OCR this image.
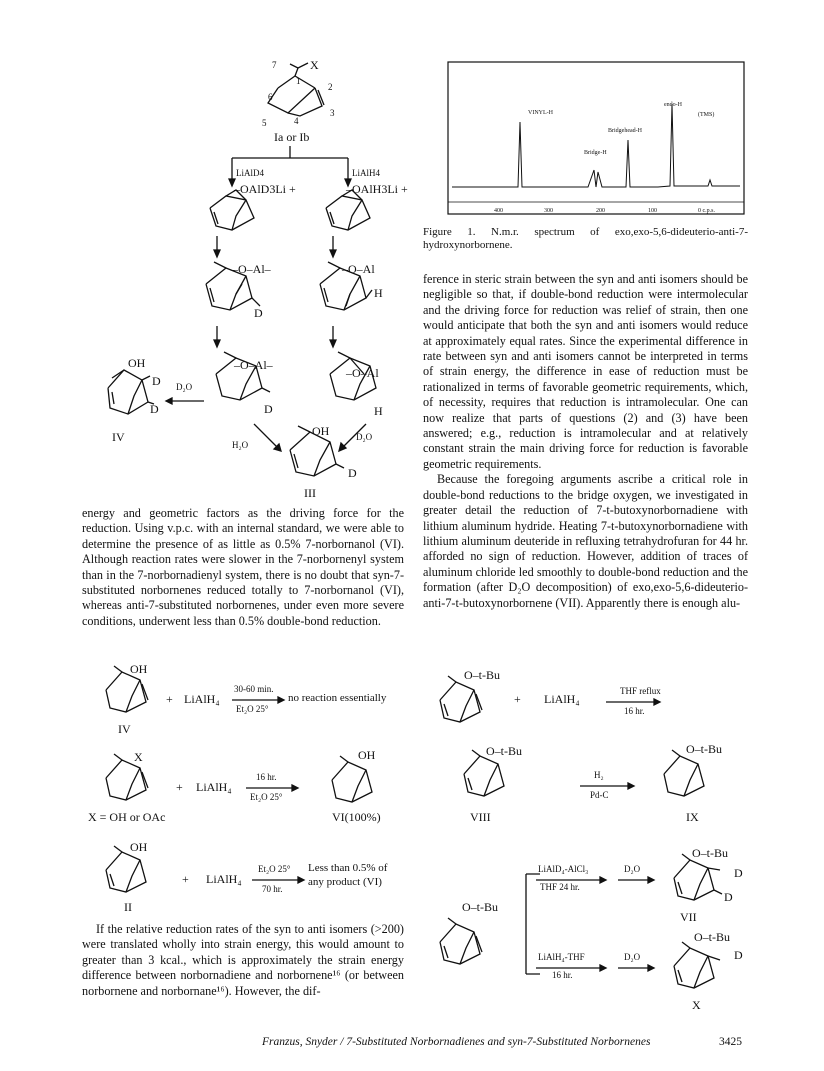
X
7
1
2
3
4
5
6
Ia or Ib
LiAlD4	LiAlH4
–OAlD3Li +	–OAlH3Li +
–O–Al–
D
–O–Al
H
OH
D
D
IV
D₂O
–O–Al–
D
–O–Al
H
H₂O
D₂O
OH
D
III
VINYL-H
Bridgehead-H
Bridge-H
endo-H
(TMS)
400	300	200	100	0 c.p.s.
Figure 1. N.m.r. spectrum of exo,exo-5,6-dideuterio-anti-7-hydroxynorbornene.

energy and geometric factors as the driving force for the reduction. Using v.p.c. with an internal standard, we were able to determine the presence of as little as 0.5% 7-norbornanol (VI). Although reaction rates were slower in the 7-norbornenyl system than in the 7-norbornadienyl system, there is no doubt that syn-7-substituted norbornenes reduced totally to 7-norbornanol (VI), whereas anti-7-substituted norbornenes, under even more severe conditions, underwent less than 0.5% double-bond reduction.

ference in steric strain between the syn and anti isomers should be negligible so that, if double-bond reduction were intermolecular and the driving force for reduction was relief of strain, then one would anticipate that both the syn and anti isomers would reduce at approximately equal rates. Since the experimental difference in rate between syn and anti isomers cannot be interpreted in terms of strain energy, the difference in ease of reduction must be rationalized in terms of favorable geometric requirements, which, of necessity, requires that reduction is intramolecular. One can now realize that parts of questions (2) and (3) have been answered; e.g., reduction is intramolecular and at relatively constant strain the main driving force for reduction is favorable geometric requirements.

Because the foregoing arguments ascribe a critical role in double-bond reductions to the bridge oxygen, we investigated in greater detail the reduction of 7-t-butoxynorbornadiene with lithium aluminum hydride. Heating 7-t-butoxynorbornadiene with lithium aluminum deuteride in refluxing tetrahydrofuran for 44 hr. afforded no sign of reduction. However, addition of traces of aluminum chloride led smoothly to double-bond reduction and the formation (after D₂O decomposition) of exo,exo-5,6-dideuterio-anti-7-t-butoxynorbornene (VII). Apparently there is enough alu-

OH
IV
+ LiAlH₄
30-60 min.
Et₂O 25°
no reaction essentially
X
X = OH or OAc
+ LiAlH₄
16 hr.
Et₂O 25°
OH
VI(100%)
OH
II
+ LiAlH₄
Et₂O 25°
70 hr.
Less than 0.5% of
any product (VI)

If the relative reduction rates of the syn to anti isomers (>200) were translated wholly into strain energy, this would amount to greater than 3 kcal., which is approximately the strain energy difference between norbornadiene and norbornene¹⁶ (or between norbornene and norbornane¹⁶). However, the dif-

O–t-Bu
+ LiAlH₄
THF reflux
16 hr.
O–t-Bu
VIII
H₂
Pd-C
O–t-Bu
IX
O–t-Bu
LiAlD₄-AlCl₃
THF 24 hr.
D₂O
O–t-Bu
D
D
VII
LiAlH₄-THF
16 hr.
D₂O
O–t-Bu
D
X
Franzus, Snyder / 7-Substituted Norbornadienes and syn-7-Substituted Norbornenes	3425
